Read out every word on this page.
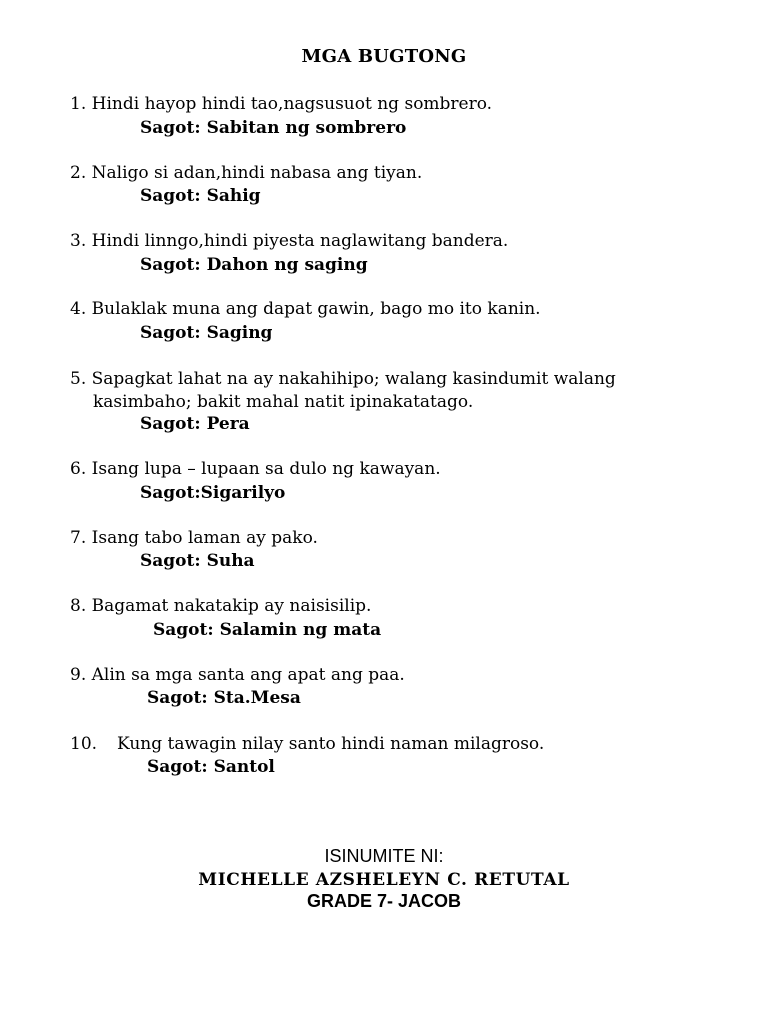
MGA BUGTONG
1. Hindi hayop hindi tao,nagsusuot ng sombrero.
Sagot: Sabitan ng sombrero
2. Naligo si adan,hindi nabasa ang tiyan.
Sagot: Sahig
3. Hindi linngo,hindi piyesta naglawitang bandera.
Sagot: Dahon ng saging
4. Bulaklak muna ang dapat gawin, bago mo ito kanin.
Sagot: Saging
5. Sapagkat lahat na ay nakahihipo; walang kasindumit walang
kasimbaho; bakit mahal natit ipinakatatago.
Sagot: Pera
6. Isang lupa – lupaan sa dulo ng kawayan.
Sagot:Sigarilyo
7. Isang tabo laman ay pako.
Sagot: Suha
8. Bagamat nakatakip ay naisisilip.
Sagot: Salamin ng mata
9. Alin sa mga santa ang apat ang paa.
Sagot: Sta.Mesa
10. Kung tawagin nilay santo hindi naman milagroso.
Sagot: Santol
ISINUMITE NI:
MICHELLE AZSHELEYN C. RETUTAL
GRADE 7- JACOB
